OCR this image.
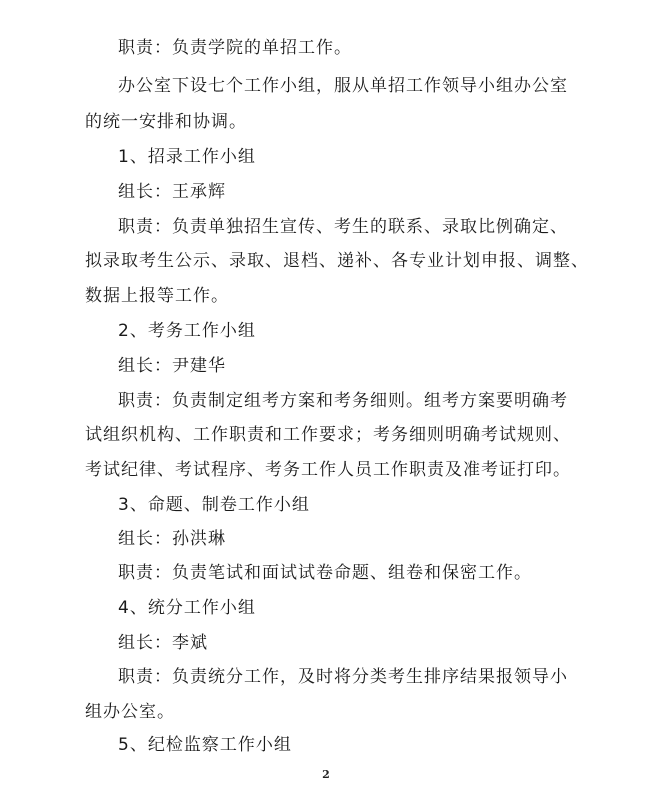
职责：负责学院的单招工作。
办公室下设七个工作小组，服从单招工作领导小组办公室
的统一安排和协调。
1、招录工作小组
组长：王承辉
职责：负责单独招生宣传、考生的联系、录取比例确定、
拟录取考生公示、录取、退档、递补、各专业计划申报、调整、
数据上报等工作。
2、考务工作小组
组长：尹建华
职责：负责制定组考方案和考务细则。组考方案要明确考
试组织机构、工作职责和工作要求；考务细则明确考试规则、
考试纪律、考试程序、考务工作人员工作职责及准考证打印。
3、命题、制卷工作小组
组长：孙洪琳
职责：负责笔试和面试试卷命题、组卷和保密工作。
4、统分工作小组
组长：李斌
职责：负责统分工作，及时将分类考生排序结果报领导小
组办公室。
5、纪检监察工作小组
2
